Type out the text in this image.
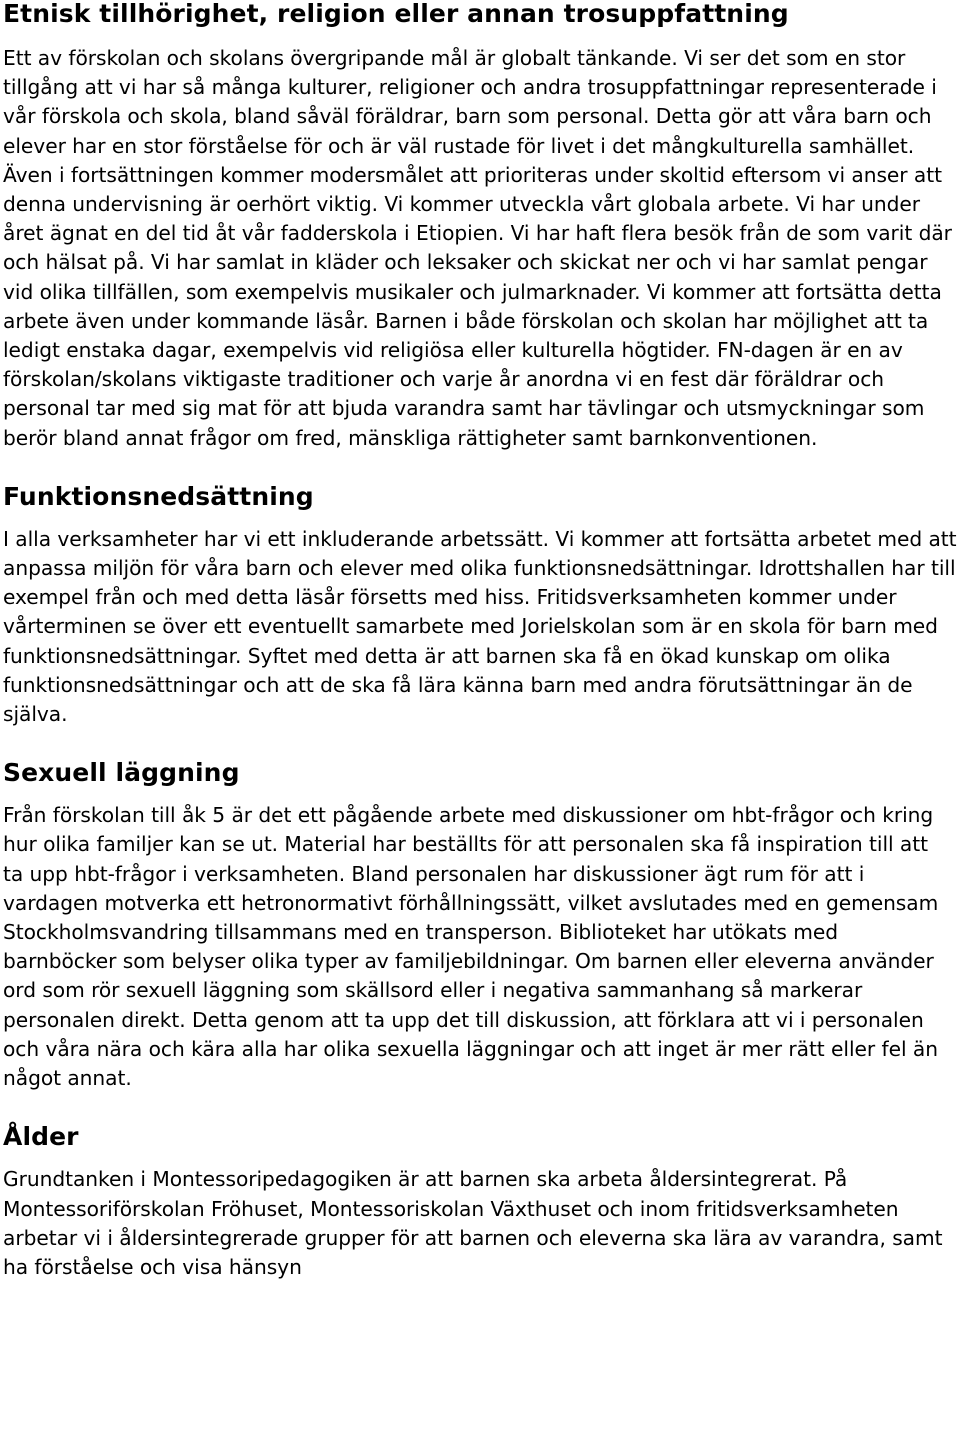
Etnisk tillhörighet, religion eller annan trosuppfattning

Ett av förskolan och skolans övergripande mål är globalt tänkande. Vi ser det som en stor tillgång att vi har så många kulturer, religioner och andra trosuppfattningar representerade i vår förskola och skola, bland såväl föräldrar, barn som personal. Detta gör att våra barn och elever har en stor förståelse för och är väl rustade för livet i det mångkulturella samhället. Även i fortsättningen kommer modersmålet att prioriteras under skoltid eftersom vi anser att denna undervisning är oerhört viktig. Vi kommer utveckla vårt globala arbete. Vi har under året ägnat en del tid åt vår fadderskola i Etiopien. Vi har haft flera besök från de som varit där och hälsat på. Vi har samlat in kläder och leksaker och skickat ner och vi har samlat pengar vid olika tillfällen, som exempelvis musikaler och julmarknader. Vi kommer att fortsätta detta arbete även under kommande läsår. Barnen i både förskolan och skolan har möjlighet att ta ledigt enstaka dagar, exempelvis vid religiösa eller kulturella högtider. FN-dagen är en av förskolan/skolans viktigaste traditioner och varje år anordna vi en fest där föräldrar och personal tar med sig mat för att bjuda varandra samt har tävlingar och utsmyckningar som berör bland annat frågor om fred, mänskliga rättigheter samt barnkonventionen.

Funktionsnedsättning

I alla verksamheter har vi ett inkluderande arbetssätt. Vi kommer att fortsätta arbetet med att anpassa miljön för våra barn och elever med olika funktionsnedsättningar. Idrottshallen har till exempel från och med detta läsår försetts med hiss. Fritidsverksamheten kommer under vårterminen se över ett eventuellt samarbete med Jorielskolan som är en skola för barn med funktionsnedsättningar. Syftet med detta är att barnen ska få en ökad kunskap om olika funktionsnedsättningar och att de ska få lära känna barn med andra förutsättningar än de själva.

Sexuell läggning

Från förskolan till åk 5 är det ett pågående arbete med diskussioner om hbt-frågor och kring hur olika familjer kan se ut. Material har beställts för att personalen ska få inspiration till att ta upp hbt-frågor i verksamheten. Bland personalen har diskussioner ägt rum för att i vardagen motverka ett hetronormativt förhållningssätt, vilket avslutades med en gemensam Stockholmsvandring tillsammans med en transperson. Biblioteket har utökats med barnböcker som belyser olika typer av familjebildningar. Om barnen eller eleverna använder ord som rör sexuell läggning som skällsord eller i negativa sammanhang så markerar personalen direkt. Detta genom att ta upp det till diskussion, att förklara att vi i personalen och våra nära och kära alla har olika sexuella läggningar och att inget är mer rätt eller fel än något annat.

Ålder

Grundtanken i Montessoripedagogiken är att barnen ska arbeta åldersintegrerat. På Montessoriförskolan Fröhuset, Montessoriskolan Växthuset och inom fritidsverksamheten arbetar vi i åldersintegrerade grupper för att barnen och eleverna ska lära av varandra, samt ha förståelse och visa hänsyn
